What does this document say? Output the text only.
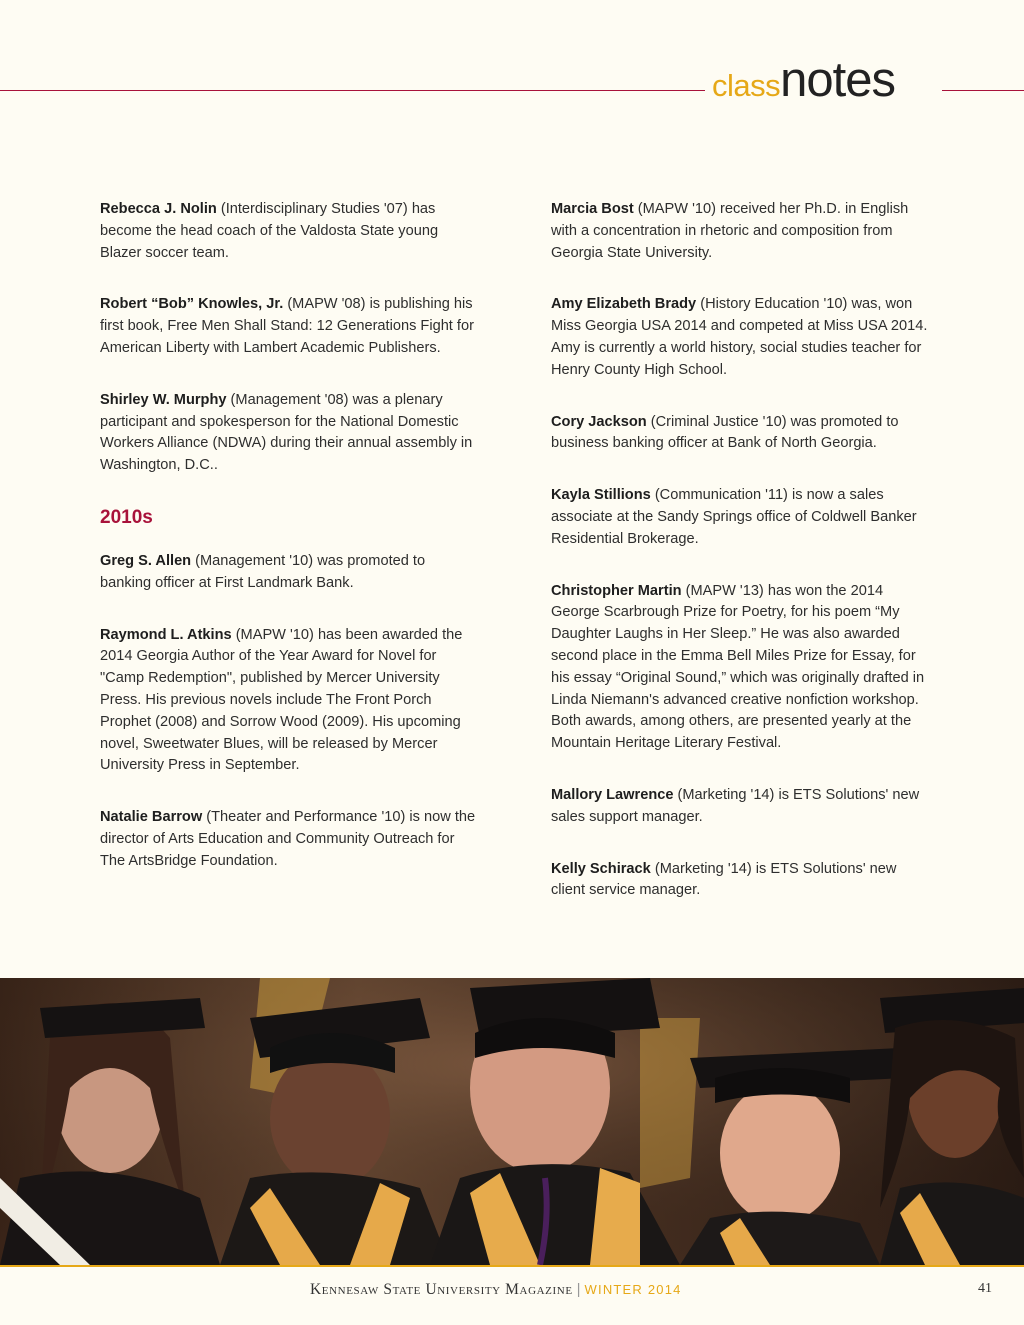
classnotes

Rebecca J. Nolin (Interdisciplinary Studies '07) has become the head coach of the Valdosta State young Blazer soccer team.

Robert “Bob” Knowles, Jr. (MAPW '08) is publishing his first book, Free Men Shall Stand: 12 Generations Fight for American Liberty with Lambert Academic Publishers.

Shirley W. Murphy (Management '08) was a plenary participant and spokesperson for the National Domestic Workers Alliance (NDWA) during their annual assembly in Washington, D.C..

2010s

Greg S. Allen (Management '10) was promoted to banking officer at First Landmark Bank.

Raymond L. Atkins (MAPW '10) has been awarded the 2014 Georgia Author of the Year Award for Novel for "Camp Redemption", published by Mercer University Press. His previous novels include The Front Porch Prophet (2008) and Sorrow Wood (2009). His upcoming novel, Sweetwater Blues, will be released by Mercer University Press in September.

Natalie Barrow (Theater and Performance '10) is now the director of Arts Education and Community Outreach for The ArtsBridge Foundation.

Marcia Bost (MAPW '10) received her Ph.D. in English with a concentration in rhetoric and composition from Georgia State University.

Amy Elizabeth Brady (History Education '10) was, won Miss Georgia USA 2014 and competed at Miss USA 2014. Amy is currently a world history, social studies teacher for Henry County High School.

Cory Jackson (Criminal Justice '10) was promoted to business banking officer at Bank of North Georgia.

Kayla Stillions (Communication '11) is now a sales associate at the Sandy Springs office of Coldwell Banker Residential Brokerage.

Christopher Martin (MAPW '13) has won the 2014 George Scarbrough Prize for Poetry, for his poem “My Daughter Laughs in Her Sleep.” He was also awarded second place in the Emma Bell Miles Prize for Essay, for his essay “Original Sound,” which was originally drafted in Linda Niemann's advanced creative nonfiction workshop. Both awards, among others, are presented yearly at the Mountain Heritage Literary Festival.

Mallory Lawrence (Marketing '14) is ETS Solutions' new sales support manager.

Kelly Schirack (Marketing '14) is ETS Solutions' new client service manager.

Kennesaw State University Magazine | WINTER 2014	41
